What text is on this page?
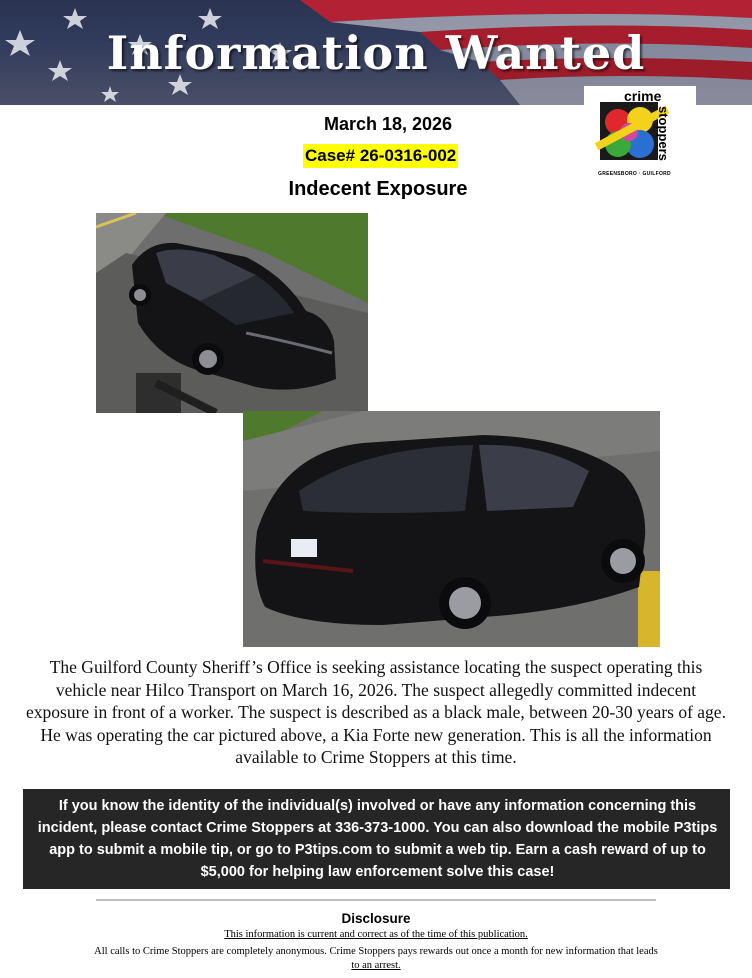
Information Wanted
crime
stoppers
GREENSBORO · GUILFORD
March 18, 2026
Case# 26-0316-002
Indecent Exposure
The Guilford County Sheriff’s Office is seeking assistance locating the suspect operating this vehicle near Hilco Transport on March 16, 2026. The suspect allegedly committed indecent exposure in front of a worker. The suspect is described as a black male, between 20-30 years of age. He was operating the car pictured above, a Kia Forte new generation. This is all the information available to Crime Stoppers at this time.
If you know the identity of the individual(s) involved or have any information concerning this incident, please contact Crime Stoppers at 336-373-1000. You can also download the mobile P3tips app to submit a mobile tip, or go to P3tips.com to submit a web tip. Earn a cash reward of up to $5,000 for helping law enforcement solve this case!
Disclosure
This information is current and correct as of the time of this publication.
All calls to Crime Stoppers are completely anonymous. Crime Stoppers pays rewards out once a month for new information that leads
to an arrest.
